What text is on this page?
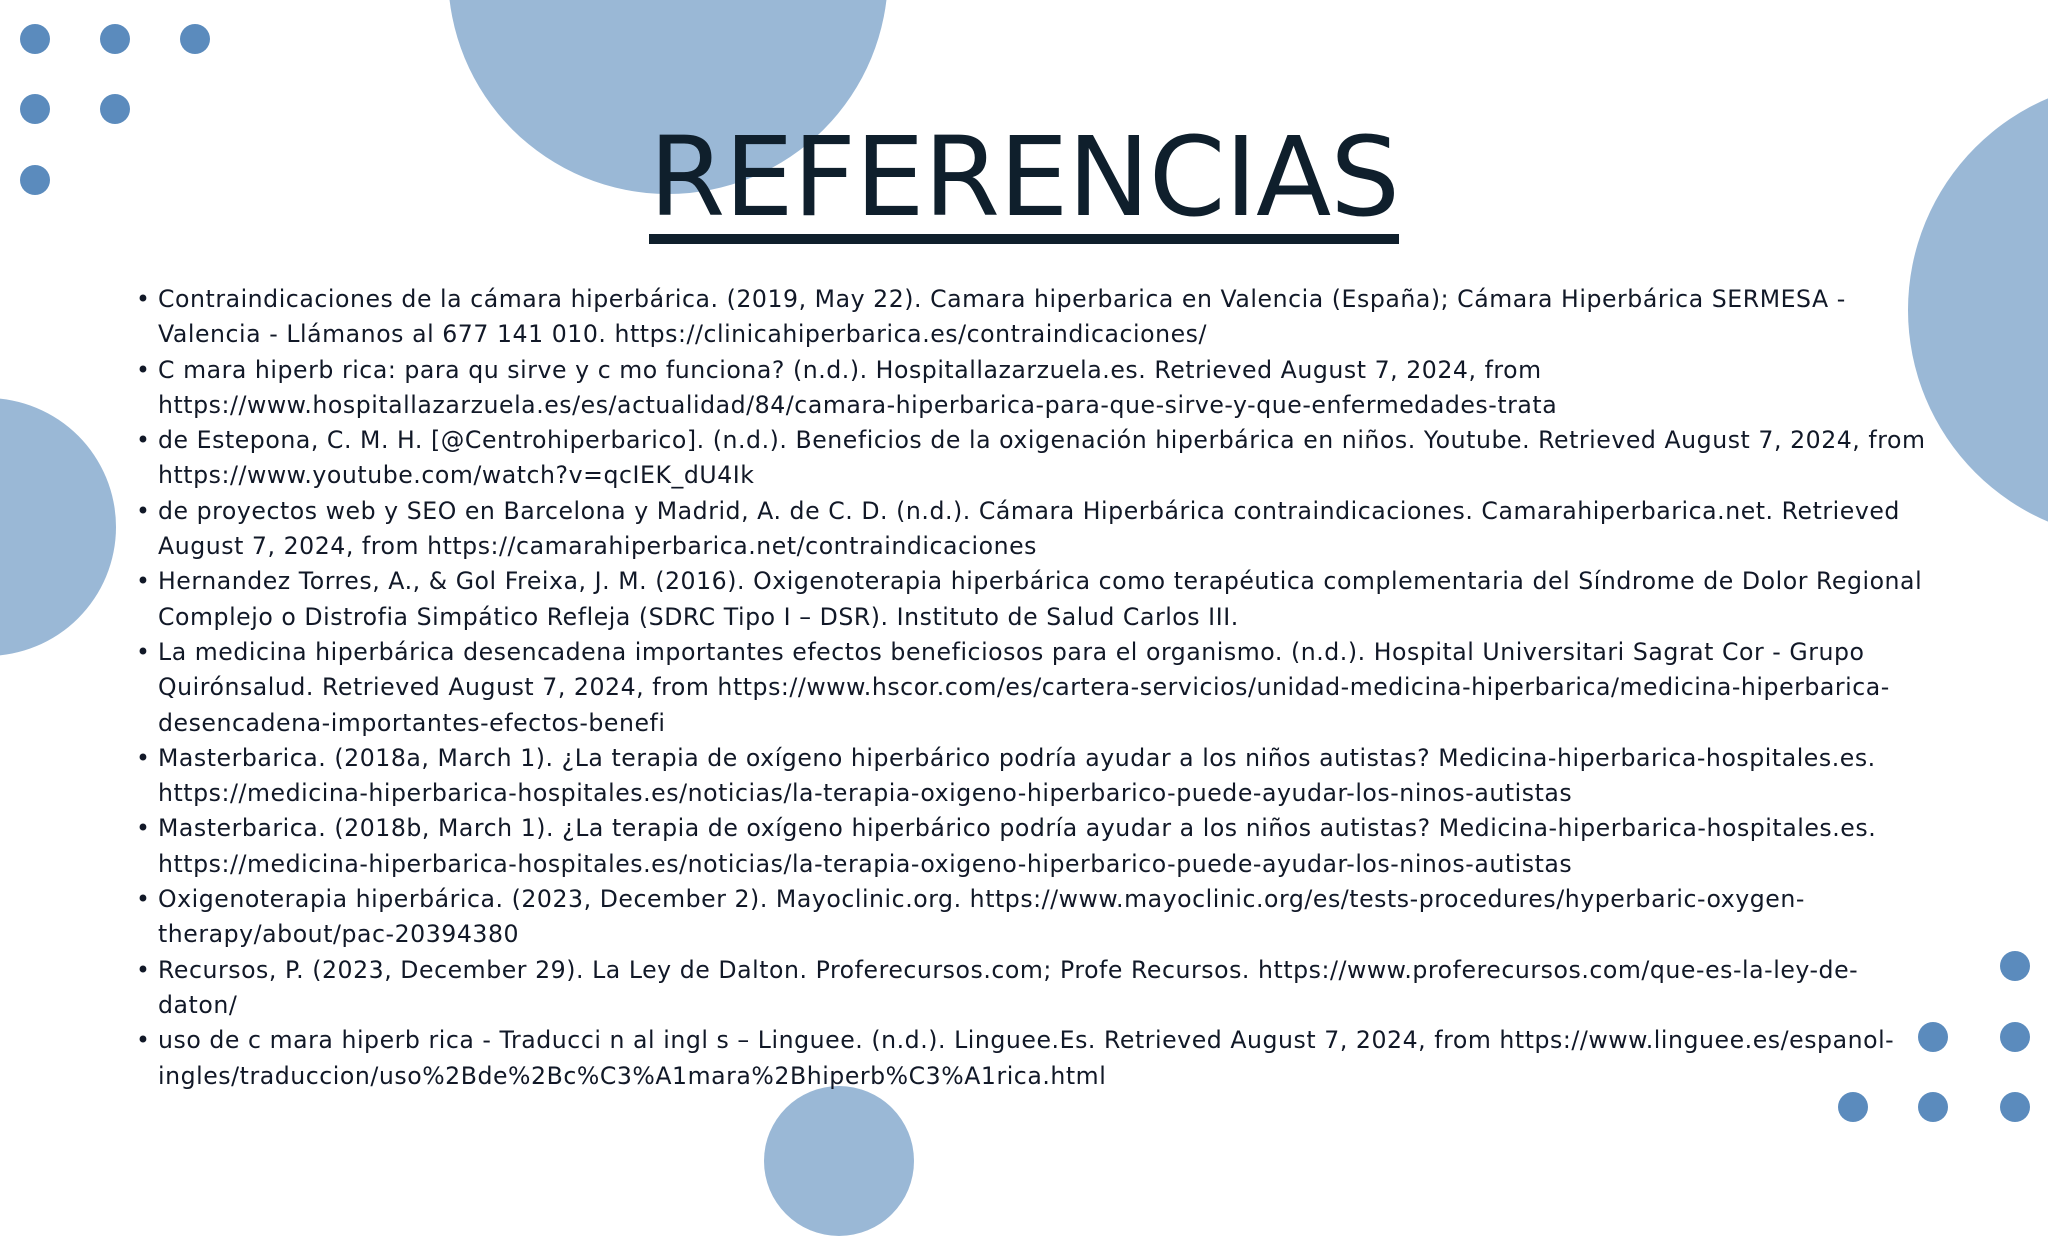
REFERENCIAS
• Contraindicaciones de la cámara hiperbárica. (2019, May 22). Camara hiperbarica en Valencia (España); Cámara Hiperbárica SERMESA - Valencia - Llámanos al 677 141 010. https://clinicahiperbarica.es/contraindicaciones/
• C mara hiperb rica: para qu sirve y c mo funciona? (n.d.). Hospitallazarzuela.es. Retrieved August 7, 2024, from https://www.hospitallazarzuela.es/es/actualidad/84/camara-hiperbarica-para-que-sirve-y-que-enfermedades-trata
• de Estepona, C. M. H. [@Centrohiperbarico]. (n.d.). Beneficios de la oxigenación hiperbárica en niños. Youtube. Retrieved August 7, 2024, from https://www.youtube.com/watch?v=qcIEK_dU4Ik
• de proyectos web y SEO en Barcelona y Madrid, A. de C. D. (n.d.). Cámara Hiperbárica contraindicaciones. Camarahiperbarica.net. Retrieved August 7, 2024, from https://camarahiperbarica.net/contraindicaciones
• Hernandez Torres, A., & Gol Freixa, J. M. (2016). Oxigenoterapia hiperbárica como terapéutica complementaria del Síndrome de Dolor Regional Complejo o Distrofia Simpático Refleja (SDRC Tipo I – DSR). Instituto de Salud Carlos III.
• La medicina hiperbárica desencadena importantes efectos beneficiosos para el organismo. (n.d.). Hospital Universitari Sagrat Cor - Grupo Quirónsalud. Retrieved August 7, 2024, from https://www.hscor.com/es/cartera-servicios/unidad-medicina-hiperbarica/medicina-hiperbarica-desencadena-importantes-efectos-benefi
• Masterbarica. (2018a, March 1). ¿La terapia de oxígeno hiperbárico podría ayudar a los niños autistas? Medicina-hiperbarica-hospitales.es. https://medicina-hiperbarica-hospitales.es/noticias/la-terapia-oxigeno-hiperbarico-puede-ayudar-los-ninos-autistas
• Masterbarica. (2018b, March 1). ¿La terapia de oxígeno hiperbárico podría ayudar a los niños autistas? Medicina-hiperbarica-hospitales.es. https://medicina-hiperbarica-hospitales.es/noticias/la-terapia-oxigeno-hiperbarico-puede-ayudar-los-ninos-autistas
• Oxigenoterapia hiperbárica. (2023, December 2). Mayoclinic.org. https://www.mayoclinic.org/es/tests-procedures/hyperbaric-oxygen-therapy/about/pac-20394380
• Recursos, P. (2023, December 29). La Ley de Dalton. Proferecursos.com; Profe Recursos. https://www.proferecursos.com/que-es-la-ley-de-daton/
• uso de c mara hiperb rica - Traducci n al ingl s – Linguee. (n.d.). Linguee.Es. Retrieved August 7, 2024, from https://www.linguee.es/espanol-ingles/traduccion/uso%2Bde%2Bc%C3%A1mara%2Bhiperb%C3%A1rica.html
